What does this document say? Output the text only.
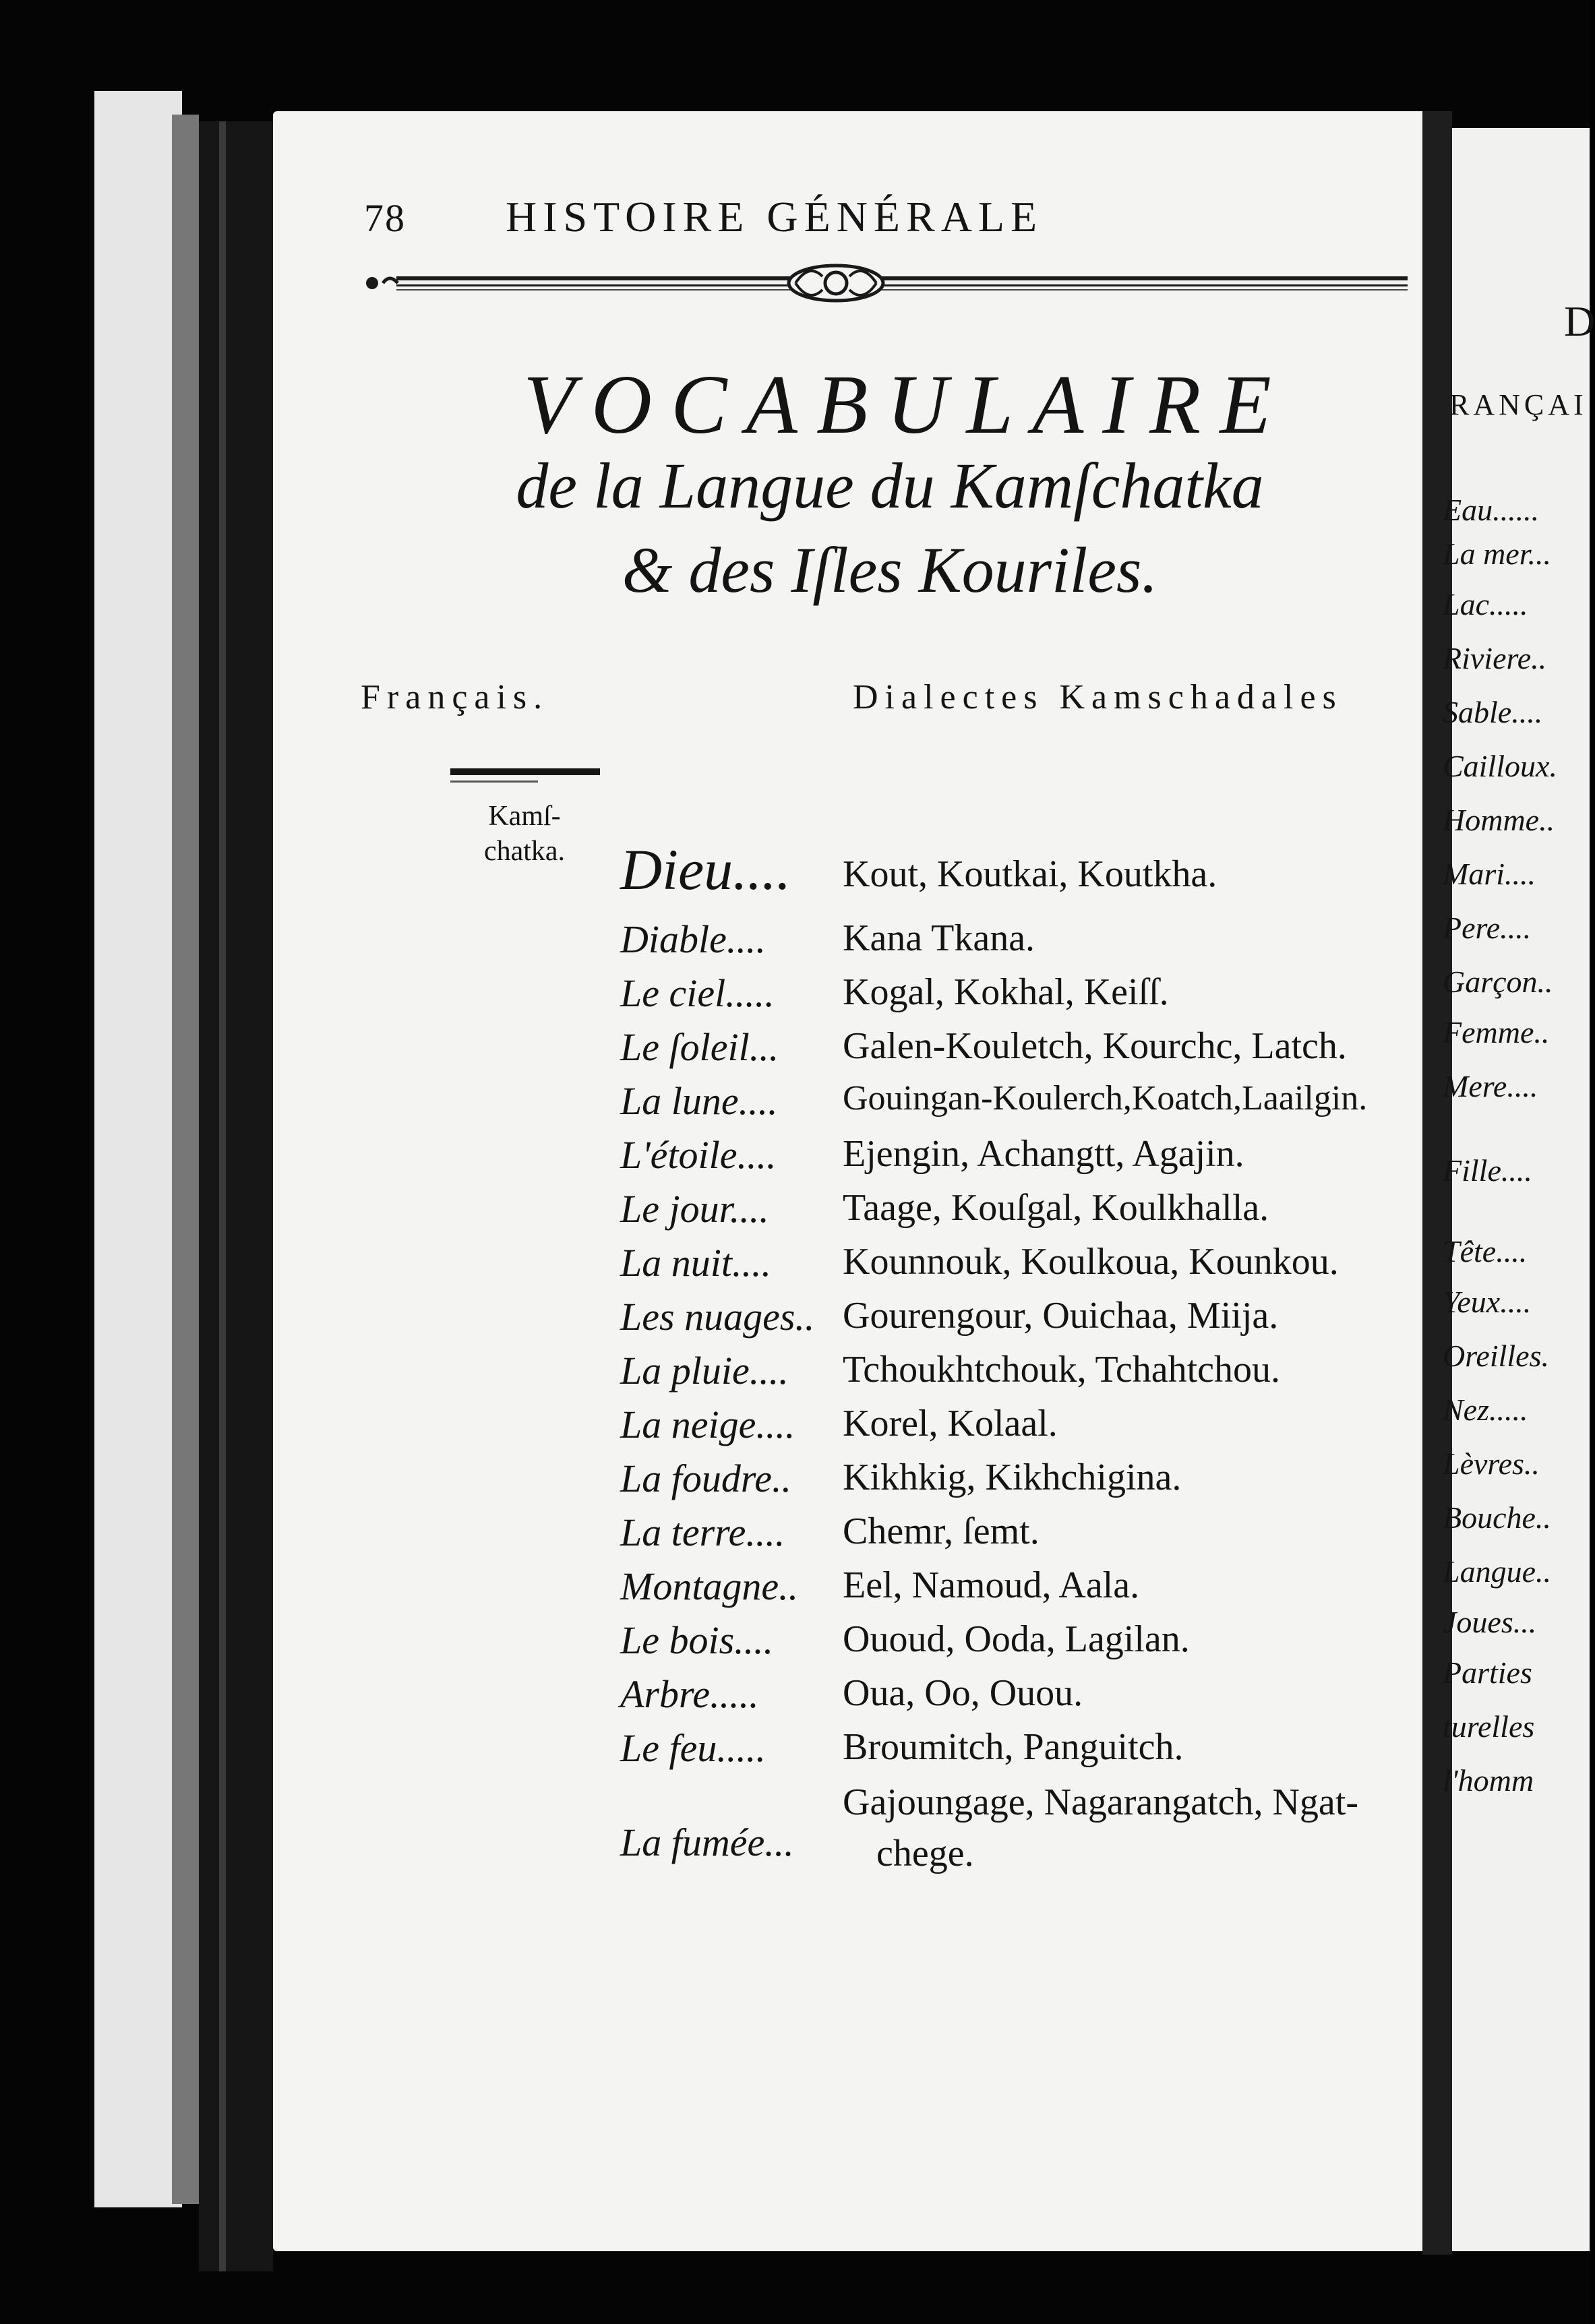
78 HISTOIRE GÉNÉRALE
VOCABULAIRE
de la Langue du Kamſchatka
& des Iſles Kouriles.
Français.	Dialectes Kamschadales
Kamſ-chatka. Dieu.... Kout, Koutkai, Koutkha.
Diable.... Kana Tkana.
Le ciel..... Kogal, Kokhal, Keiſſ.
Le ſoleil... Galen-Kouletch, Kourchc, Latch.
La lune.... Gouingan-Koulerch,Koatch,Laailgin.
L'étoile.... Ejengin, Achangtt, Agajin.
Le jour.... Taage, Kouſgal, Koulkhalla.
La nuit.... Kounnouk, Koulkoua, Kounkou.
Les nuages.. Gourengour, Ouichaa, Miija.
La pluie.... Tchoukhtchouk, Tchahtchou.
La neige.... Korel, Kolaal.
La foudre.. Kikhkig, Kikhchigina.
La terre.... Chemr, ſemt.
Montagne.. Eel, Namoud, Aala.
Le bois.... Ououd, Ooda, Lagilan.
Arbre..... Oua, Oo, Ouou.
Le feu..... Broumitch, Panguitch.
La fumée...
Gajoungage, Nagarangatch, Ngat-
chege.
D
RANÇAI
Eau......
La mer...
Lac.....
Riviere..
Sable....
Cailloux.
Homme..
Mari....
Pere....
Garçon..
Femme..
Mere....
Fille....
Tête....
Yeux....
Oreilles.
Nez.....
Lèvres..
Bouche..
Langue..
Joues...
Parties
turelles
l'homm
